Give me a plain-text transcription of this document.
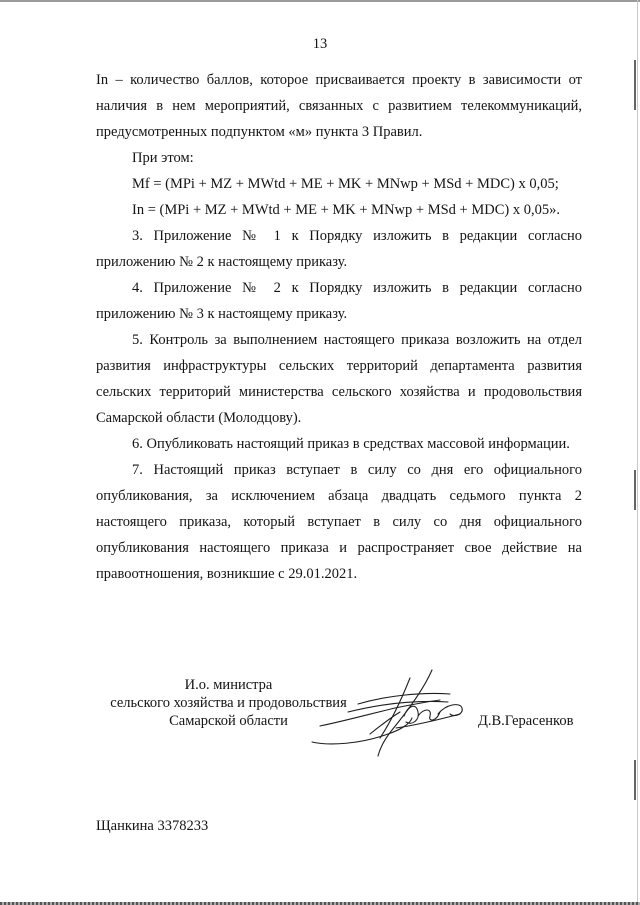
13

In – количество баллов, которое присваивается проекту в зависимости от наличия в нем мероприятий, связанных с развитием телекоммуникаций, предусмотренных подпунктом «м» пункта 3 Правил.

При этом:

Mf = (MPi + MZ + MWtd + ME + MK + MNwp + MSd + MDC) x 0,05;

In = (MPi + MZ + MWtd + ME + MK + MNwp + MSd + MDC) x 0,05».

3. Приложение № 1 к Порядку изложить в редакции согласно приложению № 2 к настоящему приказу.

4. Приложение № 2 к Порядку изложить в редакции согласно приложению № 3 к настоящему приказу.

5. Контроль за выполнением настоящего приказа возложить на отдел развития инфраструктуры сельских территорий департамента развития сельских территорий министерства сельского хозяйства и продовольствия Самарской области (Молодцову).

6. Опубликовать настоящий приказ в средствах массовой информации.

7. Настоящий приказ вступает в силу со дня его официального опубликования, за исключением абзаца двадцать седьмого пункта 2 настоящего приказа, который вступает в силу со дня официального опубликования настоящего приказа и распространяет свое действие на правоотношения, возникшие с 29.01.2021.

И.о. министра
сельского хозяйства и продовольствия
Самарской области	Д.В.Герасенков
Щанкина 3378233
